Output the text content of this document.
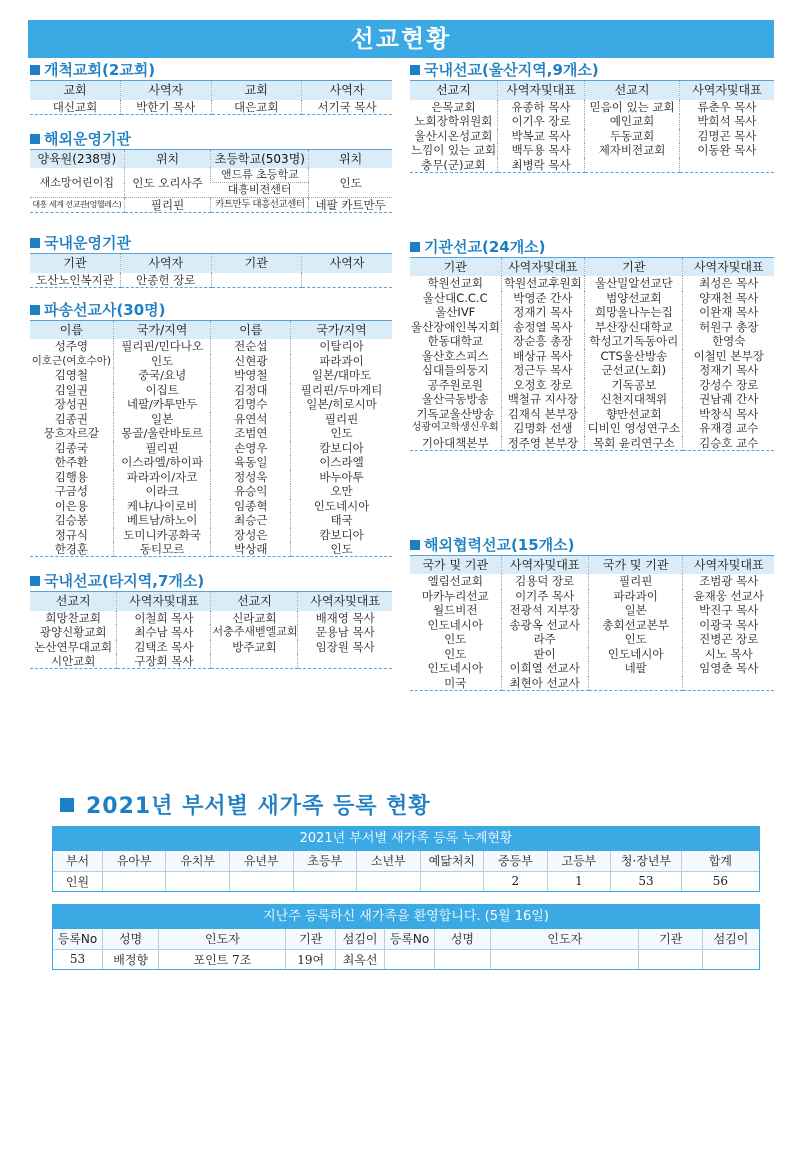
선교현황
개척교회(2교회)
교회	사역자	교회	사역자
대신교회	박한기 목사	대은교회	서기국 목사
해외운영기관
양육원(238명)	위치	초등학교(503명)	위치
새소망어린이집	인도 오리사주	앤드류 초등학교	인도
		대흥비전센터	
대흥 세계 선교관(엉헬레스)	필리핀	카트만두 대흥선교센터	네팔 카트만두
국내운영기관
기관	사역자	기관	사역자
도산노인복지관	안종헌 장로		
파송선교사(30명)
이름	국가/지역	이름	국가/지역
성주영	필리핀/민다나오	전순섭	이탈리아
이호근(여호수아)	인도	신현광	파라과이
김영철	중국/요녕	박영철	일본/대마도
김일권	이집트	김정대	필리핀/두마게티
장성권	네팔/카투만두	김명수	일본/히로시마
김종권	일본	유연석	필리핀
뭉흐자르갈	몽골/울란바토르	조범연	인도
김종국	필리핀	손영우	캄보디아
한주환	이스라엘/하이파	육동일	이스라엘
김행용	파라과이/자코	정성욱	바누아투
구금성	이라크	유승익	오만
이은용	케냐/나이로비	임종혁	인도네시아
김승봉	베트남/하노이	최승근	태국
정규식	도미니카공화국	장성은	캄보디아
한경훈	동티모르	박상래	인도
국내선교(타지역,7개소)
선교지	사역자및대표	선교지	사역자및대표
희망찬교회	이철희 목사	신라교회	배재영 목사
광양신황교회	최수남 목사	서충주새벧엘교회	문용남 목사
논산연무대교회	김택조 목사	방주교회	임장원 목사
시안교회	구장회 목사		
국내선교(울산지역,9개소)
선교지	사역자및대표	선교지	사역자및대표
은목교회	유종하 목사	믿음이 있는 교회	류춘우 목사
노회장학위원회	이기우 장로	예인교회	박희석 목사
울산시온성교회	박복교 목사	두동교회	김명곤 목사
느낌이 있는 교회	백두용 목사	제자비전교회	이동완 목사
충무(군)교회	최병락 목사		
기관선교(24개소)
기관	사역자및대표	기관	사역자및대표
학원선교회	학원선교후원회	울산밀알선교단	최성은 목사
울산대C.C.C	박영준 간사	범양선교회	양재천 목사
울산IVF	정재기 목사	희망울나누는집	이완재 목사
울산장애인복지회	송정열 목사	부산장신대학교	허원구 총장
한동대학교	장순흥 총장	학성고기독동아리	한영숙
울산호스피스	배상규 목사	CTS울산방송	이철민 본부장
십대들의둥지	정근두 목사	군선교(노회)	정재기 목사
공주원로원	오정호 장로	기독공보	강성수 장로
울산극동방송	백철규 지사장	신천지대책위	권남궤 간사
기독교울산방송	김재식 본부장	향만선교회	박창식 목사
성광여고학생신우회	김명화 선생	디비인 영성연구소	유재경 교수
기아대책본부	정주영 본부장	목회 윤리연구소	김승호 교수
해외협력선교(15개소)
국가 및 기관	사역자및대표	국가 및 기관	사역자및대표
엘림선교회	김용덕 장로	필리핀	조범광 목사
마카누리선교	이기주 목사	파라과이	윤재웅 선교사
월드비전	전광석 지부장	일본	박진구 목사
인도네시아	송광옥 선교사	총회선교본부	이광국 목사
인도	라주	인도	진병곤 장로
인도	판이	인도네시아	시노 목사
인도네시아	이희열 선교사	네팔	임영춘 목사
미국	최현아 선교사		
2021년 부서별 새가족 등록 현황
2021년 부서별 새가족 등록 누계현황
부서	유아부	유치부	유년부	초등부	소년부	예닮처치	중등부	고등부	청·장년부	합계
인원							2	1	53	56
지난주 등록하신 새가족을 환영합니다. (5월 16일)
등록No	성명	인도자	기관	섬김이	등록No	성명	인도자	기관	섬김이
53	배정향	포인트 7조	19여	최옥선					
